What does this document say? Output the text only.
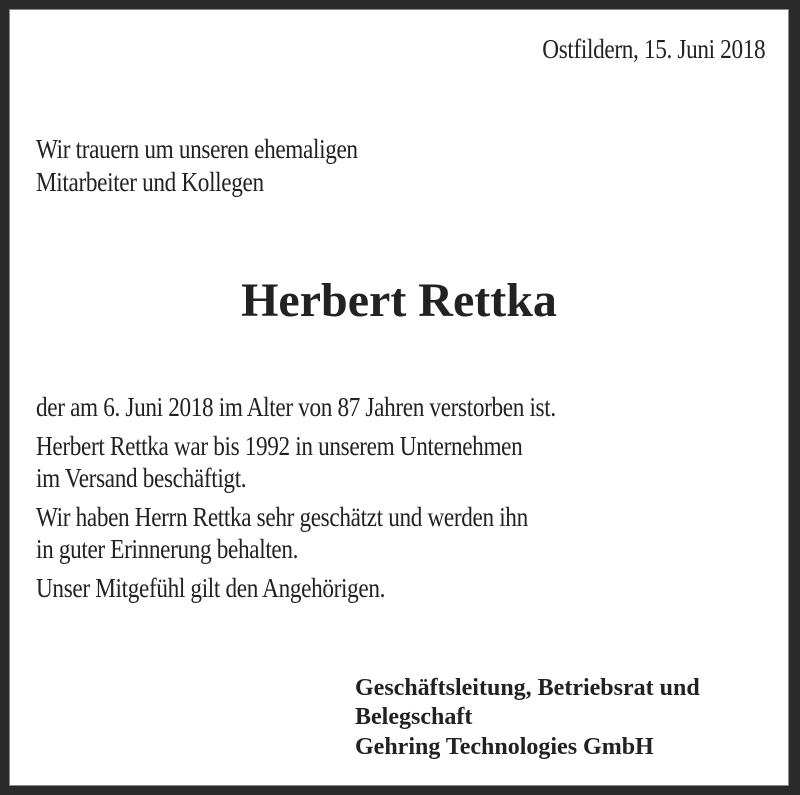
Ostfildern, 15. Juni 2018
Wir trauern um unseren ehemaligen
Mitarbeiter und Kollegen
Herbert Rettka
der am 6. Juni 2018 im Alter von 87 Jahren verstorben ist.
Herbert Rettka war bis 1992 in unserem Unternehmen
im Versand beschäftigt.
Wir haben Herrn Rettka sehr geschätzt und werden ihn
in guter Erinnerung behalten.
Unser Mitgefühl gilt den Angehörigen.
Geschäftsleitung, Betriebsrat und
Belegschaft
Gehring Technologies GmbH
